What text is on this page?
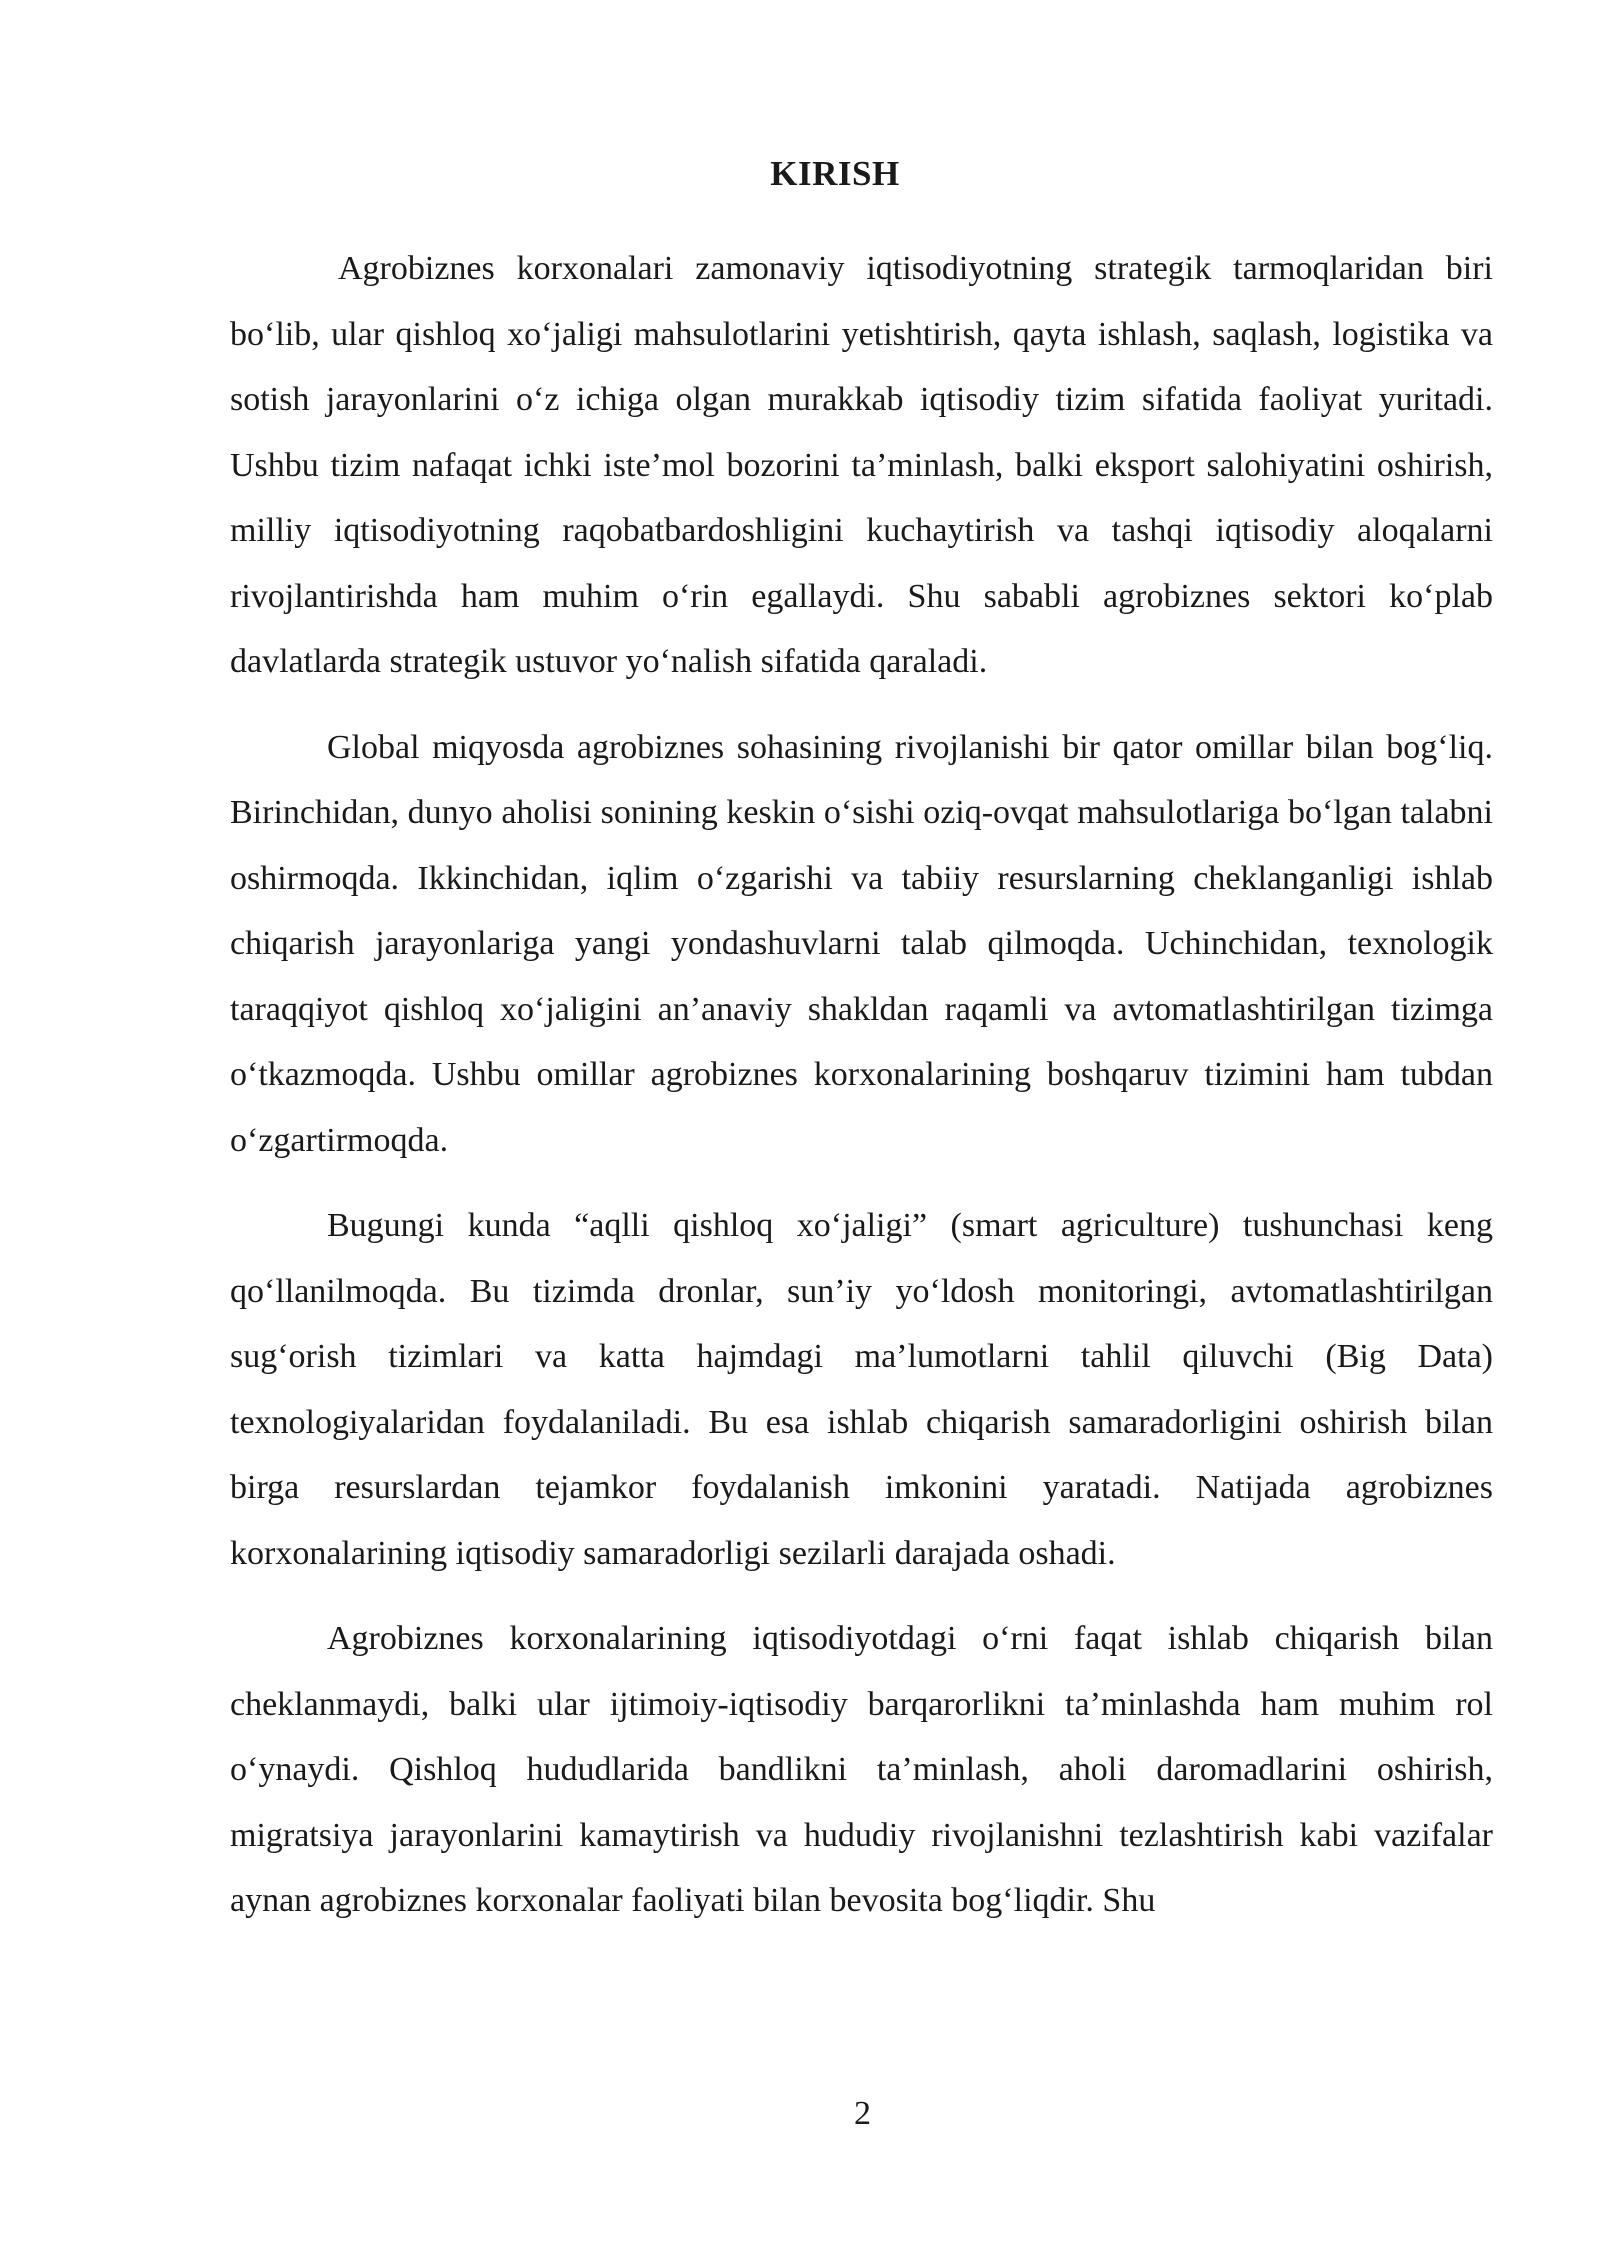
KIRISH

Agrobiznes korxonalari zamonaviy iqtisodiyotning strategik tarmoqlaridan biri bo‘lib, ular qishloq xo‘jaligi mahsulotlarini yetishtirish, qayta ishlash, saqlash, logistika va sotish jarayonlarini o‘z ichiga olgan murakkab iqtisodiy tizim sifatida faoliyat yuritadi. Ushbu tizim nafaqat ichki iste’mol bozorini ta’minlash, balki eksport salohiyatini oshirish, milliy iqtisodiyotning raqobatbardoshligini kuchaytirish va tashqi iqtisodiy aloqalarni rivojlantirishda ham muhim o‘rin egallaydi. Shu sababli agrobiznes sektori ko‘plab davlatlarda strategik ustuvor yo‘nalish sifatida qaraladi.

Global miqyosda agrobiznes sohasining rivojlanishi bir qator omillar bilan bog‘liq. Birinchidan, dunyo aholisi sonining keskin o‘sishi oziq-ovqat mahsulotlariga bo‘lgan talabni oshirmoqda. Ikkinchidan, iqlim o‘zgarishi va tabiiy resurslarning cheklanganligi ishlab chiqarish jarayonlariga yangi yondashuvlarni talab qilmoqda. Uchinchidan, texnologik taraqqiyot qishloq xo‘jaligini an’anaviy shakldan raqamli va avtomatlashtirilgan tizimga o‘tkazmoqda. Ushbu omillar agrobiznes korxonalarining boshqaruv tizimini ham tubdan o‘zgartirmoqda.

Bugungi kunda “aqlli qishloq xo‘jaligi” (smart agriculture) tushunchasi keng qo‘llanilmoqda. Bu tizimda dronlar, sun’iy yo‘ldosh monitoringi, avtomatlashtirilgan sug‘orish tizimlari va katta hajmdagi ma’lumotlarni tahlil qiluvchi (Big Data) texnologiyalaridan foydalaniladi. Bu esa ishlab chiqarish samaradorligini oshirish bilan birga resurslardan tejamkor foydalanish imkonini yaratadi. Natijada agrobiznes korxonalarining iqtisodiy samaradorligi sezilarli darajada oshadi.

Agrobiznes korxonalarining iqtisodiyotdagi o‘rni faqat ishlab chiqarish bilan cheklanmaydi, balki ular ijtimoiy-iqtisodiy barqarorlikni ta’minlashda ham muhim rol o‘ynaydi. Qishloq hududlarida bandlikni ta’minlash, aholi daromadlarini oshirish, migratsiya jarayonlarini kamaytirish va hududiy rivojlanishni tezlashtirish kabi vazifalar aynan agrobiznes korxonalar faoliyati bilan bevosita bog‘liqdir. Shu

2
